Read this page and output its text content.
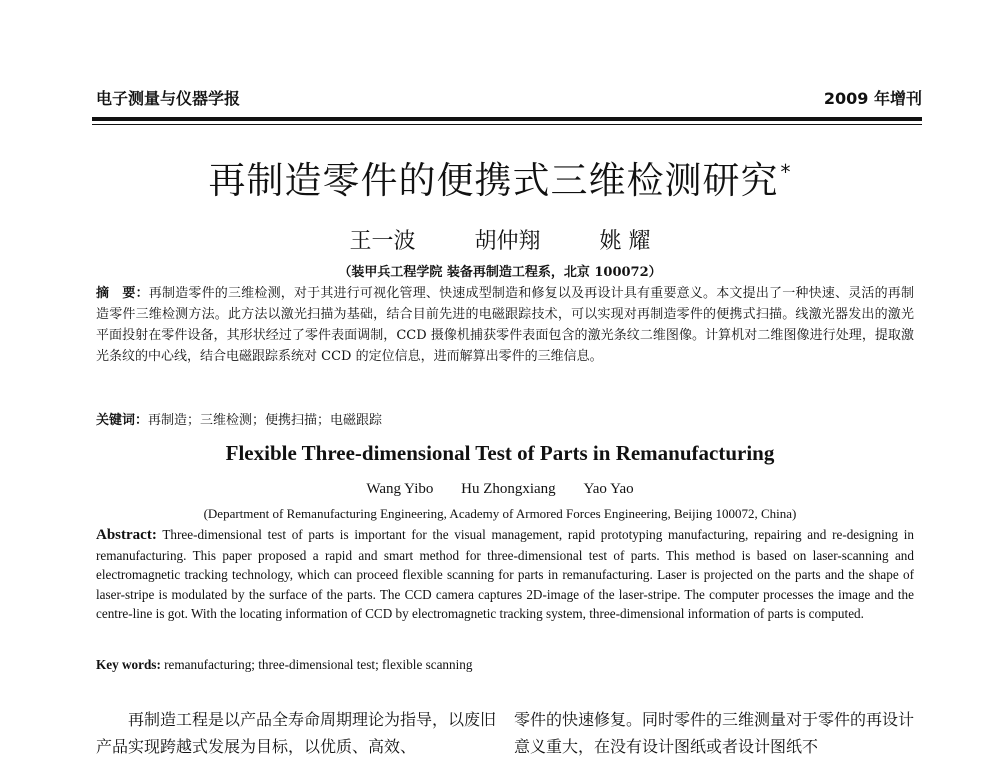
电子测量与仪器学报	2009 年增刊
再制造零件的便携式三维检测研究 *
王一波	胡仲翔	姚 耀
（装甲兵工程学院 装备再制造工程系，北京 100072）
摘　要：再制造零件的三维检测，对于其进行可视化管理、快速成型制造和修复以及再设计具有重要意义。本文提出了一种快速、灵活的再制造零件三维检测方法。此方法以激光扫描为基础，结合目前先进的电磁跟踪技术，可以实现对再制造零件的便携式扫描。线激光器发出的激光平面投射在零件设备，其形状经过了零件表面调制，CCD 摄像机捕获零件表面包含的激光条纹二维图像。计算机对二维图像进行处理，提取激光条纹的中心线，结合电磁跟踪系统对 CCD 的定位信息，进而解算出零件的三维信息。
关键词：再制造；三维检测；便携扫描；电磁跟踪
Flexible Three-dimensional Test of Parts in Remanufacturing
Wang Yibo Hu Zhongxiang Yao Yao
(Department of Remanufacturing Engineering, Academy of Armored Forces Engineering, Beijing 100072, China)
Abstract: Three-dimensional test of parts is important for the visual management, rapid prototyping manufacturing, repairing and re-designing in remanufacturing. This paper proposed a rapid and smart method for three-dimensional test of parts. This method is based on laser-scanning and electromagnetic tracking technology, which can proceed flexible scanning for parts in remanufacturing. Laser is projected on the parts and the shape of laser-stripe is modulated by the surface of the parts. The CCD camera captures 2D-image of the laser-stripe. The computer processes the image and the centre-line is got. With the locating information of CCD by electromagnetic tracking system, three-dimensional information of parts is computed.
Key words: remanufacturing; three-dimensional test; flexible scanning
再制造工程是以产品全寿命周期理论为指导，以废旧产品实现跨越式发展为目标，以优质、高效、
零件的快速修复。同时零件的三维测量对于零件的再设计意义重大，在没有设计图纸或者设计图纸不
